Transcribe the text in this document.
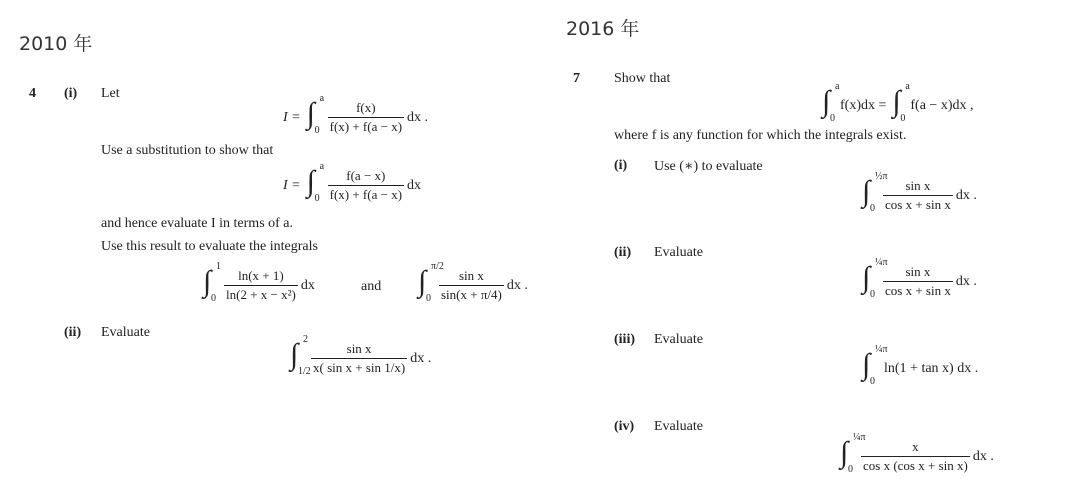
2010 年
4 (i) Let
I = ∫ a
$0 \frac{f(x)}{f(x) + f(a - x)}$ dx .
Use a substitution to show that
I = ∫ a
$0 \frac{f(a - x)}{f(x) + f(a - x)}$ dx
and hence evaluate I in terms of a.
Use this result to evaluate the integrals
∫ 1
$0 \frac{\ln(x + 1)}{\text{ln(2 + x − x²)}}$ dx	and ∫ π/2
$0 \frac{\text{sin x}}{\sin(x + \pi/4)}$ dx .
(ii) Evaluate
∫ 2
$1/2 \frac{\text{sin x}}{\text{x( sin x + sin 1/x)}}$ dx .
2016 年
7 Show that
∫ a
0
f(x)dx = ∫ a
0
f(a − x)dx ,
where f is any function for which the integrals exist.
(i) Use (∗) to evaluate
∫ ½π
$0 \frac{\text{sin x}}{\text{cos x + sin x}}$ dx .
(ii) Evaluate
∫ ¼π
$0 \frac{\text{sin x}}{\text{cos x + sin x}}$ dx .
(iii) Evaluate
∫ ¼π
0
ln(1 + tan x) dx .
(iv) Evaluate
∫ ¼π
$0 \frac{x}{\text{cos x (cos x + sin x)}}$ dx .
